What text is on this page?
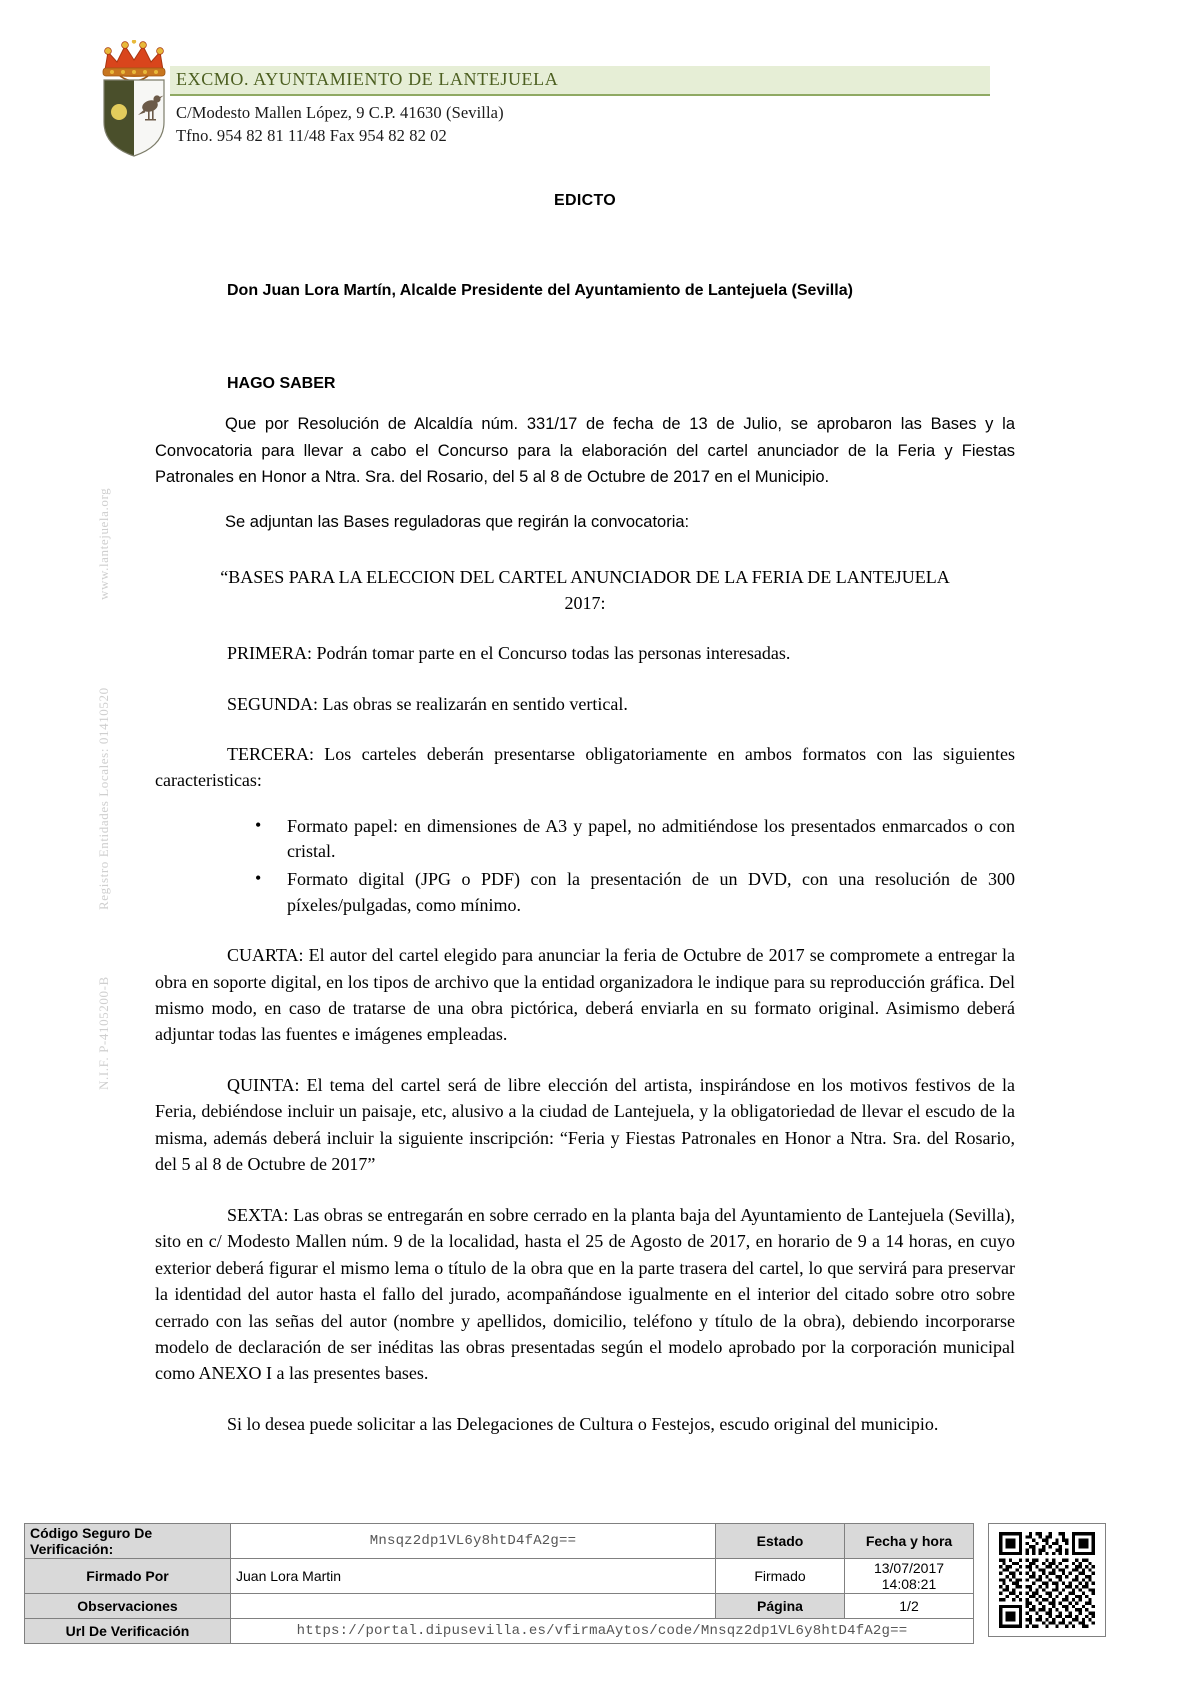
EXCMO. AYUNTAMIENTO DE LANTEJUELA
C/Modesto Mallen López, 9 C.P. 41630 (Sevilla)
Tfno. 954 82 81 11/48 Fax 954 82 82 02
www.lantejuela.org
Registro Entidades Locales: 01410520
N.I.F. P-4105200-B
EDICTO
Don Juan Lora Martín, Alcalde Presidente del Ayuntamiento de Lantejuela (Sevilla)
HAGO SABER

Que por Resolución de Alcaldía núm. 331/17 de fecha de 13 de Julio, se aprobaron las Bases y la Convocatoria para llevar a cabo el Concurso para la elaboración del cartel anunciador de la Feria y Fiestas Patronales en Honor a Ntra. Sra. del Rosario, del 5 al 8 de Octubre de 2017 en el Municipio.

Se adjuntan las Bases reguladoras que regirán la convocatoria:

“BASES PARA LA ELECCION DEL CARTEL ANUNCIADOR DE LA FERIA DE LANTEJUELA 2017:

PRIMERA: Podrán tomar parte en el Concurso todas las personas interesadas.

SEGUNDA: Las obras se realizarán en sentido vertical.

TERCERA: Los carteles deberán presentarse obligatoriamente en ambos formatos con las siguientes caracteristicas:

• Formato papel: en dimensiones de A3 y papel, no admitiéndose los presentados enmarcados o con cristal.
• Formato digital (JPG o PDF) con la presentación de un DVD, con una resolución de 300 píxeles/pulgadas, como mínimo.

CUARTA: El autor del cartel elegido para anunciar la feria de Octubre de 2017 se compromete a entregar la obra en soporte digital, en los tipos de archivo que la entidad organizadora le indique para su reproducción gráfica. Del mismo modo, en caso de tratarse de una obra pictórica, deberá enviarla en su formato original. Asimismo deberá adjuntar todas las fuentes e imágenes empleadas.

QUINTA: El tema del cartel será de libre elección del artista, inspirándose en los motivos festivos de la Feria, debiéndose incluir un paisaje, etc, alusivo a la ciudad de Lantejuela, y la obligatoriedad de llevar el escudo de la misma, además deberá incluir la siguiente inscripción: “Feria y Fiestas Patronales en Honor a Ntra. Sra. del Rosario, del 5 al 8 de Octubre de 2017”

SEXTA: Las obras se entregarán en sobre cerrado en la planta baja del Ayuntamiento de Lantejuela (Sevilla), sito en c/ Modesto Mallen núm. 9 de la localidad, hasta el 25 de Agosto de 2017, en horario de 9 a 14 horas, en cuyo exterior deberá figurar el mismo lema o título de la obra que en la parte trasera del cartel, lo que servirá para preservar la identidad del autor hasta el fallo del jurado, acompañándose igualmente en el interior del citado sobre otro sobre cerrado con las señas del autor (nombre y apellidos, domicilio, teléfono y título de la obra), debiendo incorporarse modelo de declaración de ser inéditas las obras presentadas según el modelo aprobado por la corporación municipal como ANEXO I a las presentes bases.

Si lo desea puede solicitar a las Delegaciones de Cultura o Festejos, escudo original del municipio.

Código Seguro De Verificación:	Mnsqz2dp1VL6y8htD4fA2g==	Estado	Fecha y hora
Firmado Por	Juan Lora Martin	Firmado	13/07/2017 14:08:21
Observaciones		Página	1/2
Url De Verificación	https://portal.dipusevilla.es/vfirmaAytos/code/Mnsqz2dp1VL6y8htD4fA2g==		
